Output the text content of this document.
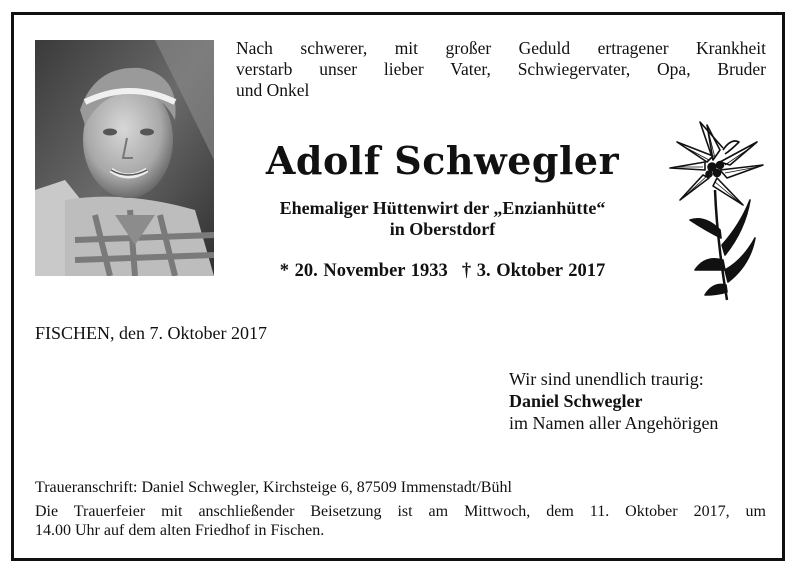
Nach schwerer, mit großer Geduld ertragener Krankheit
verstarb unser lieber Vater, Schwiegervater, Opa, Bruder
und Onkel
Adolf Schwegler
Ehemaliger Hüttenwirt der „Enzianhütte“
in Oberstdorf
* 20. November 1933 † 3. Oktober 2017
FISCHEN, den 7. Oktober 2017
Wir sind unendlich traurig:
Daniel Schwegler
im Namen aller Angehörigen
Traueranschrift: Daniel Schwegler, Kirchsteige 6, 87509 Immenstadt/Bühl
Die Trauerfeier mit anschließender Beisetzung ist am Mittwoch, dem 11. Oktober 2017, um
14.00 Uhr auf dem alten Friedhof in Fischen.
